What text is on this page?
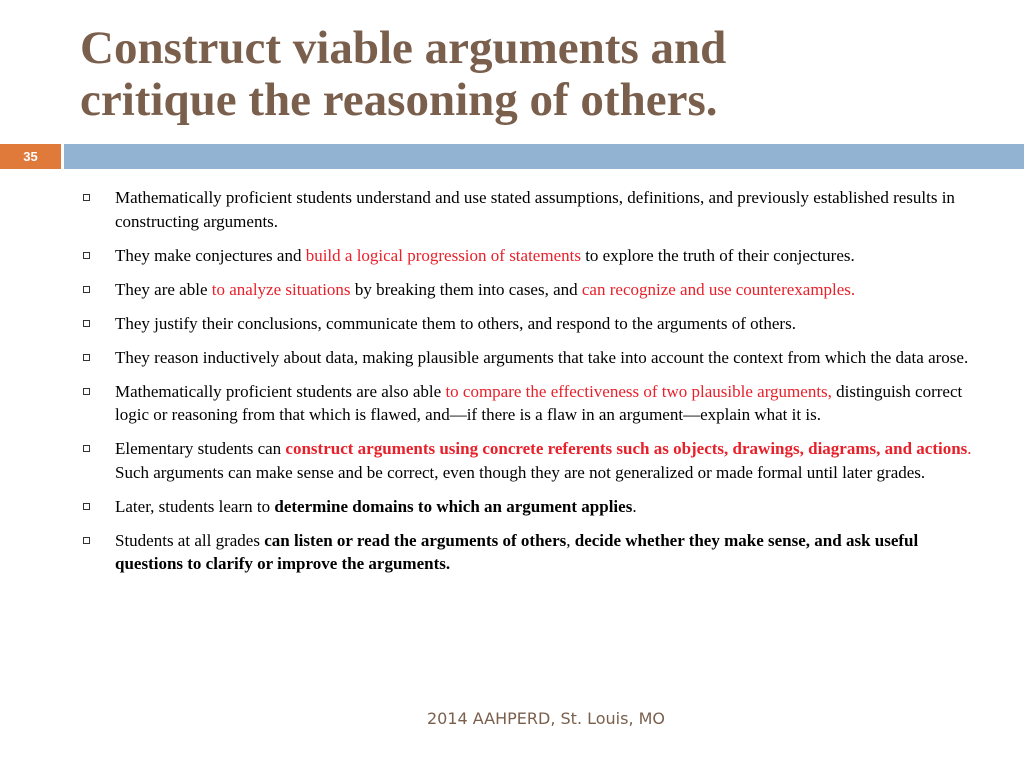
Construct viable arguments and
critique the reasoning of others.
35
Mathematically proficient students understand and use stated assumptions, definitions, and previously established results in constructing arguments.
They make conjectures and build a logical progression of statements to explore the truth of their conjectures.
They are able to analyze situations by breaking them into cases, and can recognize and use counterexamples.
They justify their conclusions, communicate them to others, and respond to the arguments of others.
They reason inductively about data, making plausible arguments that take into account the context from which the data arose.
Mathematically proficient students are also able to compare the effectiveness of two plausible arguments, distinguish correct logic or reasoning from that which is flawed, and—if there is a flaw in an argument—explain what it is.
Elementary students can construct arguments using concrete referents such as objects, drawings, diagrams, and actions. Such arguments can make sense and be correct, even though they are not generalized or made formal until later grades.
Later, students learn to determine domains to which an argument applies.
Students at all grades can listen or read the arguments of others, decide whether they make sense, and ask useful questions to clarify or improve the arguments.
2014 AAHPERD, St. Louis, MO
